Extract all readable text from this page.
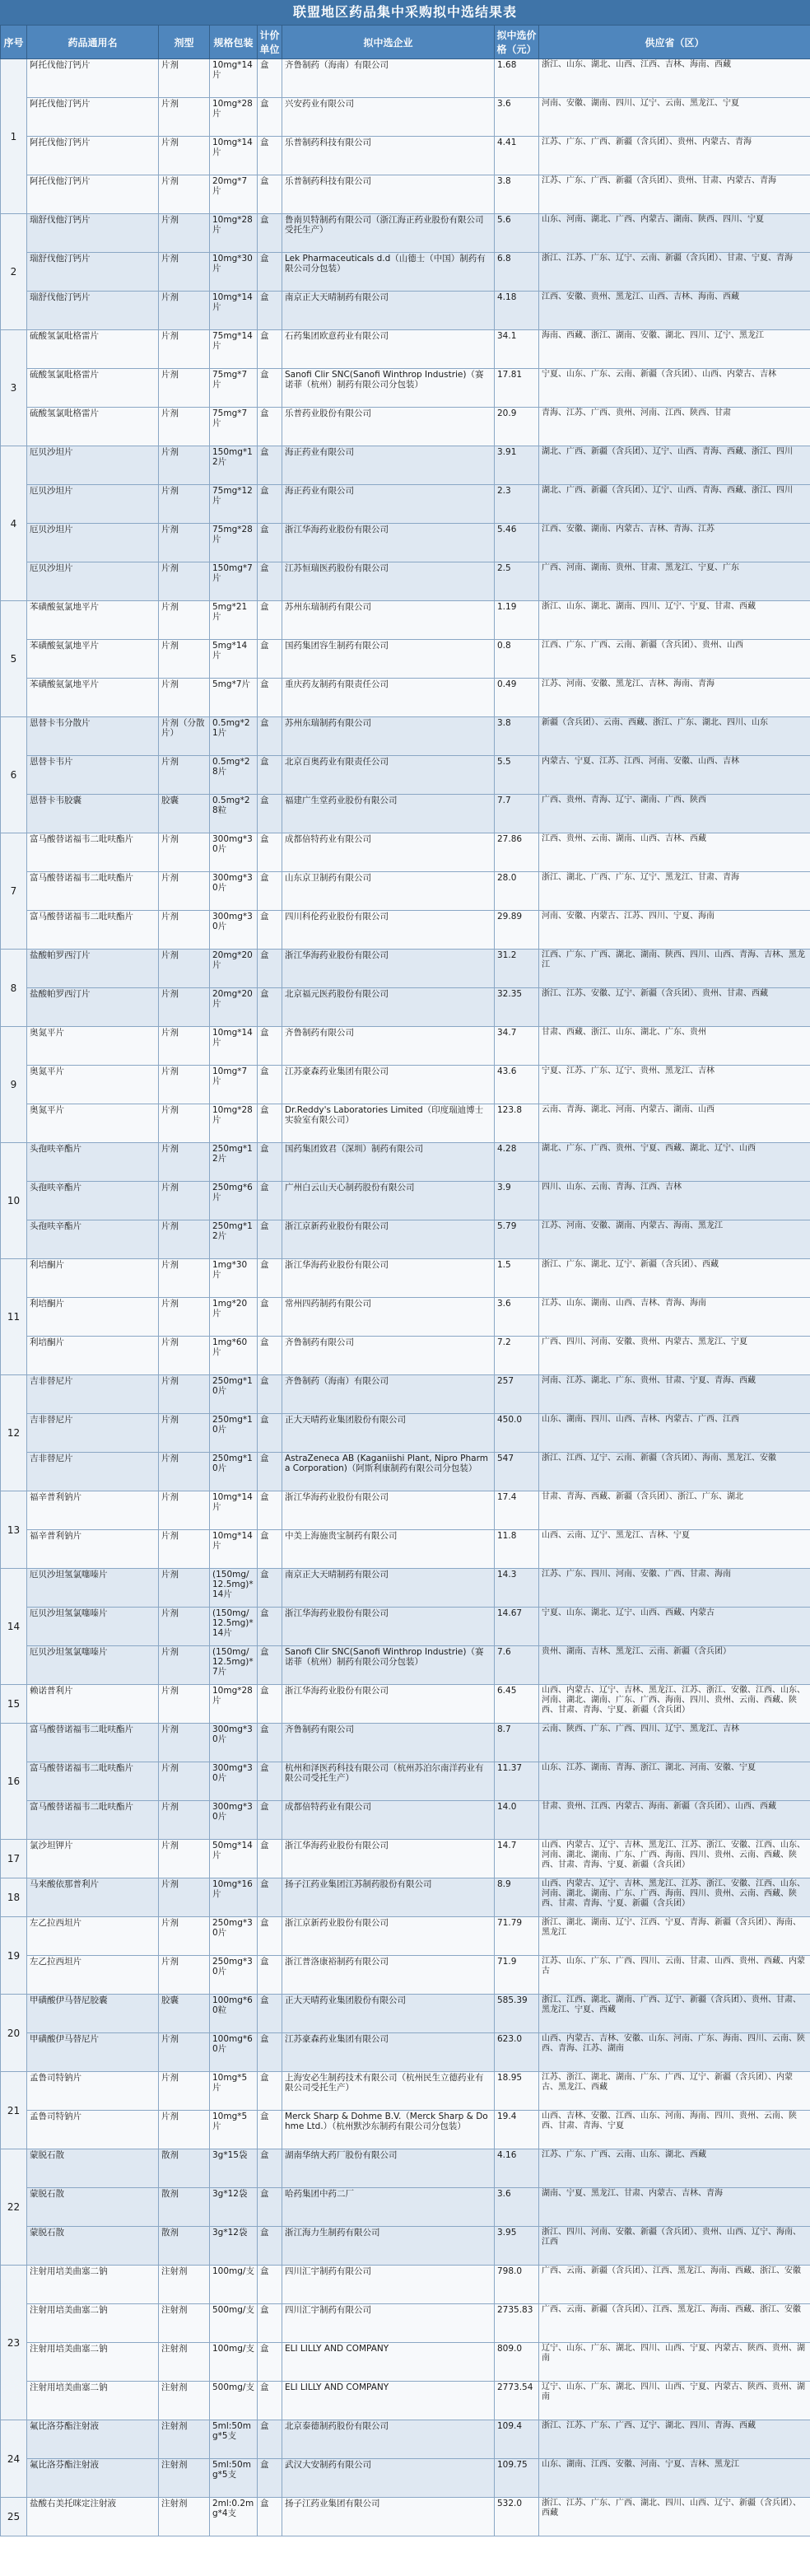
联盟地区药品集中采购拟中选结果表
序号	药品通用名	剂型	规格包装	计价单位	拟中选企业	拟中选价格（元）	供应省（区）
1	阿托伐他汀钙片	片剂	10mg*14片	盒	齐鲁制药（海南）有限公司	1.68	浙江、山东、湖北、山西、江西、吉林、海南、西藏
	阿托伐他汀钙片	片剂	10mg*28片	盒	兴安药业有限公司	3.6	河南、安徽、湖南、四川、辽宁、云南、黑龙江、宁夏
	阿托伐他汀钙片	片剂	10mg*14片	盒	乐普制药科技有限公司	4.41	江苏、广东、广西、新疆（含兵团）、贵州、内蒙古、青海
	阿托伐他汀钙片	片剂	20mg*7片	盒	乐普制药科技有限公司	3.8	江苏、广东、广西、新疆（含兵团）、贵州、甘肃、内蒙古、青海
2	瑞舒伐他汀钙片	片剂	10mg*28片	盒	鲁南贝特制药有限公司（浙江海正药业股份有限公司受托生产）	5.6	山东、河南、湖北、广西、内蒙古、湖南、陕西、四川、宁夏
	瑞舒伐他汀钙片	片剂	10mg*30片	盒	Lek Pharmaceuticals d.d（山德士（中国）制药有限公司分包装）	6.8	浙江、江苏、广东、辽宁、云南、新疆（含兵团）、甘肃、宁夏、青海
	瑞舒伐他汀钙片	片剂	10mg*14片	盒	南京正大天晴制药有限公司	4.18	江西、安徽、贵州、黑龙江、山西、吉林、海南、西藏
3	硫酸氢氯吡格雷片	片剂	75mg*14片	盒	石药集团欧意药业有限公司	34.1	海南、西藏、浙江、湖南、安徽、湖北、四川、辽宁、黑龙江
	硫酸氢氯吡格雷片	片剂	75mg*7片	盒	Sanofi Clir SNC(Sanofi Winthrop Industrie)（赛诺菲（杭州）制药有限公司分包装）	17.81	宁夏、山东、广东、云南、新疆（含兵团）、山西、内蒙古、吉林
	硫酸氢氯吡格雷片	片剂	75mg*7片	盒	乐普药业股份有限公司	20.9	青海、江苏、广西、贵州、河南、江西、陕西、甘肃
4	厄贝沙坦片	片剂	150mg*12片	盒	海正药业有限公司	3.91	湖北、广西、新疆（含兵团）、辽宁、山西、青海、西藏、浙江、四川
	厄贝沙坦片	片剂	75mg*12片	盒	海正药业有限公司	2.3	湖北、广西、新疆（含兵团）、辽宁、山西、青海、西藏、浙江、四川
	厄贝沙坦片	片剂	75mg*28片	盒	浙江华海药业股份有限公司	5.46	江西、安徽、湖南、内蒙古、吉林、青海、江苏
	厄贝沙坦片	片剂	150mg*7片	盒	江苏恒瑞医药股份有限公司	2.5	广西、河南、湖南、贵州、甘肃、黑龙江、宁夏、广东
5	苯磺酸氨氯地平片	片剂	5mg*21片	盒	苏州东瑞制药有限公司	1.19	浙江、山东、湖北、湖南、四川、辽宁、宁夏、甘肃、西藏
	苯磺酸氨氯地平片	片剂	5mg*14片	盒	国药集团容生制药有限公司	0.8	江西、广东、广西、云南、新疆（含兵团）、贵州、山西
	苯磺酸氨氯地平片	片剂	5mg*7片	盒	重庆药友制药有限责任公司	0.49	江苏、河南、安徽、黑龙江、吉林、海南、青海
6	恩替卡韦分散片	片剂（分散片）	0.5mg*21片	盒	苏州东瑞制药有限公司	3.8	新疆（含兵团）、云南、西藏、浙江、广东、湖北、四川、山东
	恩替卡韦片	片剂	0.5mg*28片	盒	北京百奥药业有限责任公司	5.5	内蒙古、宁夏、江苏、江西、河南、安徽、山西、吉林
	恩替卡韦胶囊	胶囊	0.5mg*28粒	盒	福建广生堂药业股份有限公司	7.7	广西、贵州、青海、辽宁、湖南、广西、陕西
7	富马酸替诺福韦二吡呋酯片	片剂	300mg*30片	盒	成都倍特药业有限公司	27.86	江西、贵州、云南、湖南、山西、吉林、西藏
	富马酸替诺福韦二吡呋酯片	片剂	300mg*30片	盒	山东京卫制药有限公司	28.0	浙江、湖北、广西、广东、辽宁、黑龙江、甘肃、青海
	富马酸替诺福韦二吡呋酯片	片剂	300mg*30片	盒	四川科伦药业股份有限公司	29.89	河南、安徽、内蒙古、江苏、四川、宁夏、海南
8	盐酸帕罗西汀片	片剂	20mg*20片	盒	浙江华海药业股份有限公司	31.2	江西、广东、广西、湖北、湖南、陕西、四川、山西、青海、吉林、黑龙江
	盐酸帕罗西汀片	片剂	20mg*20片	盒	北京福元医药股份有限公司	32.35	浙江、江苏、安徽、辽宁、新疆（含兵团）、贵州、甘肃、西藏
9	奥氮平片	片剂	10mg*14片	盒	齐鲁制药有限公司	34.7	甘肃、西藏、浙江、山东、湖北、广东、贵州
	奥氮平片	片剂	10mg*7片	盒	江苏豪森药业集团有限公司	43.6	宁夏、江苏、广东、辽宁、贵州、黑龙江、吉林
	奥氮平片	片剂	10mg*28片	盒	Dr.Reddy's Laboratories Limited（印度瑞迪博士实验室有限公司）	123.8	云南、青海、湖北、河南、内蒙古、湖南、山西
10	头孢呋辛酯片	片剂	250mg*12片	盒	国药集团致君（深圳）制药有限公司	4.28	湖北、广东、广西、贵州、宁夏、西藏、湖北、辽宁、山西
	头孢呋辛酯片	片剂	250mg*6片	盒	广州白云山天心制药股份有限公司	3.9	四川、山东、云南、青海、江西、吉林
	头孢呋辛酯片	片剂	250mg*12片	盒	浙江京新药业股份有限公司	5.79	江苏、河南、安徽、湖南、内蒙古、海南、黑龙江
11	利培酮片	片剂	1mg*30片	盒	浙江华海药业股份有限公司	1.5	浙江、广东、湖北、辽宁、新疆（含兵团）、西藏
	利培酮片	片剂	1mg*20片	盒	常州四药制药有限公司	3.6	江苏、山东、湖南、山西、吉林、青海、海南
	利培酮片	片剂	1mg*60片	盒	齐鲁制药有限公司	7.2	广西、四川、河南、安徽、贵州、内蒙古、黑龙江、宁夏
12	吉非替尼片	片剂	250mg*10片	盒	齐鲁制药（海南）有限公司	257	河南、江苏、湖北、广东、贵州、甘肃、宁夏、青海、西藏
	吉非替尼片	片剂	250mg*10片	盒	正大天晴药业集团股份有限公司	450.0	山东、湖南、四川、山西、吉林、内蒙古、广西、江西
	吉非替尼片	片剂	250mg*10片	盒	AstraZeneca AB (Kaganiishi Plant, Nipro Pharma Corporation)（阿斯利康制药有限公司分包装）	547	浙江、江西、辽宁、云南、新疆（含兵团）、海南、黑龙江、安徽
13	福辛普利钠片	片剂	10mg*14片	盒	浙江华海药业股份有限公司	17.4	甘肃、青海、西藏、新疆（含兵团）、浙江、广东、湖北
	福辛普利钠片	片剂	10mg*14片	盒	中美上海施贵宝制药有限公司	11.8	山西、云南、辽宁、黑龙江、吉林、宁夏
14	厄贝沙坦氢氯噻嗪片	片剂	(150mg/12.5mg)*14片	盒	南京正大天晴制药有限公司	14.3	江苏、广东、四川、河南、安徽、广西、甘肃、海南
	厄贝沙坦氢氯噻嗪片	片剂	(150mg/12.5mg)*14片	盒	浙江华海药业股份有限公司	14.67	宁夏、山东、湖北、辽宁、山西、西藏、内蒙古
	厄贝沙坦氢氯噻嗪片	片剂	(150mg/12.5mg)*7片	盒	Sanofi Clir SNC(Sanofi Winthrop Industrie)（赛诺菲（杭州）制药有限公司分包装）	7.6	贵州、湖南、吉林、黑龙江、云南、新疆（含兵团）
15	赖诺普利片	片剂	10mg*28片	盒	浙江华海药业股份有限公司	6.45	山西、内蒙古、辽宁、吉林、黑龙江、江苏、浙江、安徽、江西、山东、河南、湖北、湖南、广东、广西、海南、四川、贵州、云南、西藏、陕西、甘肃、青海、宁夏、新疆（含兵团）
16	富马酸替诺福韦二吡呋酯片	片剂	300mg*30片	盒	齐鲁制药有限公司	8.7	云南、陕西、广东、广西、四川、辽宁、黑龙江、吉林
	富马酸替诺福韦二吡呋酯片	片剂	300mg*30片	盒	杭州和泽医药科技有限公司（杭州苏泊尔南洋药业有限公司受托生产）	11.37	山东、江苏、湖南、青海、浙江、湖北、河南、安徽、宁夏
	富马酸替诺福韦二吡呋酯片	片剂	300mg*30片	盒	成都倍特药业有限公司	14.0	甘肃、贵州、江西、内蒙古、海南、新疆（含兵团）、山西、西藏
17	氯沙坦钾片	片剂	50mg*14片	盒	浙江华海药业股份有限公司	14.7	山西、内蒙古、辽宁、吉林、黑龙江、江苏、浙江、安徽、江西、山东、河南、湖北、湖南、广东、广西、海南、四川、贵州、云南、西藏、陕西、甘肃、青海、宁夏、新疆（含兵团）
18	马来酸依那普利片	片剂	10mg*16片	盒	扬子江药业集团江苏制药股份有限公司	8.9	山西、内蒙古、辽宁、吉林、黑龙江、江苏、浙江、安徽、江西、山东、河南、湖北、湖南、广东、广西、海南、四川、贵州、云南、西藏、陕西、甘肃、青海、宁夏、新疆（含兵团）
19	左乙拉西坦片	片剂	250mg*30片	盒	浙江京新药业股份有限公司	71.79	浙江、湖北、湖南、辽宁、江西、宁夏、青海、新疆（含兵团）、海南、黑龙江
	左乙拉西坦片	片剂	250mg*30片	盒	浙江普洛康裕制药有限公司	71.9	江苏、山东、广东、广西、四川、云南、甘肃、山西、贵州、西藏、内蒙古
20	甲磺酸伊马替尼胶囊	胶囊	100mg*60粒	盒	正大天晴药业集团股份有限公司	585.39	浙江、江西、湖北、湖南、广西、辽宁、新疆（含兵团）、贵州、甘肃、黑龙江、宁夏、西藏
	甲磺酸伊马替尼片	片剂	100mg*60片	盒	江苏豪森药业集团有限公司	623.0	山西、内蒙古、吉林、安徽、山东、河南、广东、海南、四川、云南、陕西、青海、江苏、湖南
21	孟鲁司特钠片	片剂	10mg*5片	盒	上海安必生制药技术有限公司（杭州民生立德药业有限公司受托生产）	18.95	江苏、浙江、湖北、湖南、广东、广西、辽宁、新疆（含兵团）、内蒙古、黑龙江、西藏
	孟鲁司特钠片	片剂	10mg*5片	盒	Merck Sharp & Dohme B.V.（Merck Sharp & Dohme Ltd.）（杭州默沙东制药有限公司分包装）	19.4	山西、吉林、安徽、江西、山东、河南、海南、四川、贵州、云南、陕西、甘肃、青海、宁夏
22	蒙脱石散	散剂	3g*15袋	盒	湖南华纳大药厂股份有限公司	4.16	江苏、广东、广西、云南、山东、湖北、西藏
	蒙脱石散	散剂	3g*12袋	盒	哈药集团中药二厂	3.6	湖南、宁夏、黑龙江、甘肃、内蒙古、吉林、青海
	蒙脱石散	散剂	3g*12袋	盒	浙江海力生制药有限公司	3.95	浙江、四川、河南、安徽、新疆（含兵团）、贵州、山西、辽宁、海南、江西
23	注射用培美曲塞二钠	注射剂	100mg/支	盒	四川汇宇制药有限公司	798.0	广西、云南、新疆（含兵团）、江西、黑龙江、海南、西藏、浙江、安徽
	注射用培美曲塞二钠	注射剂	500mg/支	盒	四川汇宇制药有限公司	2735.83	广西、云南、新疆（含兵团）、江西、黑龙江、海南、西藏、浙江、安徽
	注射用培美曲塞二钠	注射剂	100mg/支	盒	ELI LILLY AND COMPANY	809.0	辽宁、山东、广东、湖北、四川、山西、宁夏、内蒙古、陕西、贵州、湖南
	注射用培美曲塞二钠	注射剂	500mg/支	盒	ELI LILLY AND COMPANY	2773.54	辽宁、山东、广东、湖北、四川、山西、宁夏、内蒙古、陕西、贵州、湖南
24	氟比洛芬酯注射液	注射剂	5ml:50mg*5支	盒	北京泰德制药股份有限公司	109.4	浙江、江苏、广东、广西、辽宁、湖北、四川、青海、西藏
	氟比洛芬酯注射液	注射剂	5ml:50mg*5支	盒	武汉大安制药有限公司	109.75	山东、湖南、江西、安徽、河南、宁夏、吉林、黑龙江
25	盐酸右美托咪定注射液	注射剂	2ml:0.2mg*4支	盒	扬子江药业集团有限公司	532.0	浙江、江苏、广东、广西、湖北、四川、山西、辽宁、新疆（含兵团）、西藏
